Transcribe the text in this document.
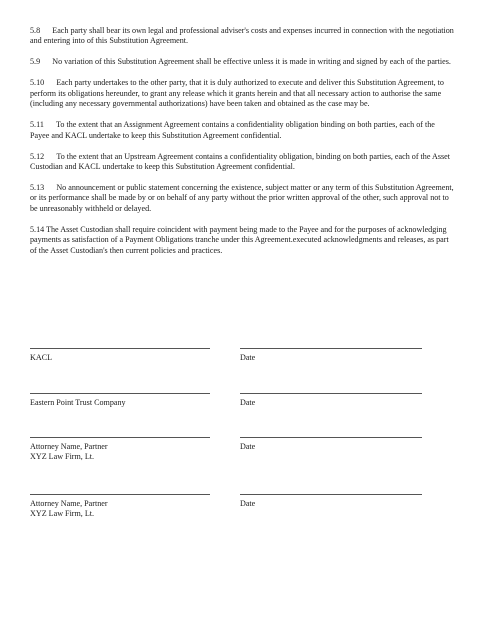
5.8 Each party shall bear its own legal and professional adviser's costs and expenses incurred in connection with the negotiation and entering into of this Substitution Agreement.

5.9 No variation of this Substitution Agreement shall be effective unless it is made in writing and signed by each of the parties.

5.10 Each party undertakes to the other party, that it is duly authorized to execute and deliver this Substitution Agreement, to perform its obligations hereunder, to grant any release which it grants herein and that all necessary action to authorise the same (including any necessary governmental authorizations) have been taken and obtained as the case may be.

5.11 To the extent that an Assignment Agreement contains a confidentiality obligation binding on both parties, each of the Payee and KACL undertake to keep this Substitution Agreement confidential.

5.12 To the extent that an Upstream Agreement contains a confidentiality obligation, binding on both parties, each of the Asset Custodian and KACL undertake to keep this Substitution Agreement confidential.

5.13 No announcement or public statement concerning the existence, subject matter or any term of this Substitution Agreement, or its performance shall be made by or on behalf of any party without the prior written approval of the other, such approval not to be unreasonably withheld or delayed.

5.14 The Asset Custodian shall require coincident with payment being made to the Payee and for the purposes of acknowledging payments as satisfaction of a Payment Obligations tranche under this Agreement.executed acknowledgments and releases, as part of the Asset Custodian's then current policies and practices.

KACL	Date
Eastern Point Trust Company	Date
Attorney Name, Partner
XYZ Law Firm, Lt.
Date
Attorney Name, Partner
XYZ Law Firm, Lt.
Date
